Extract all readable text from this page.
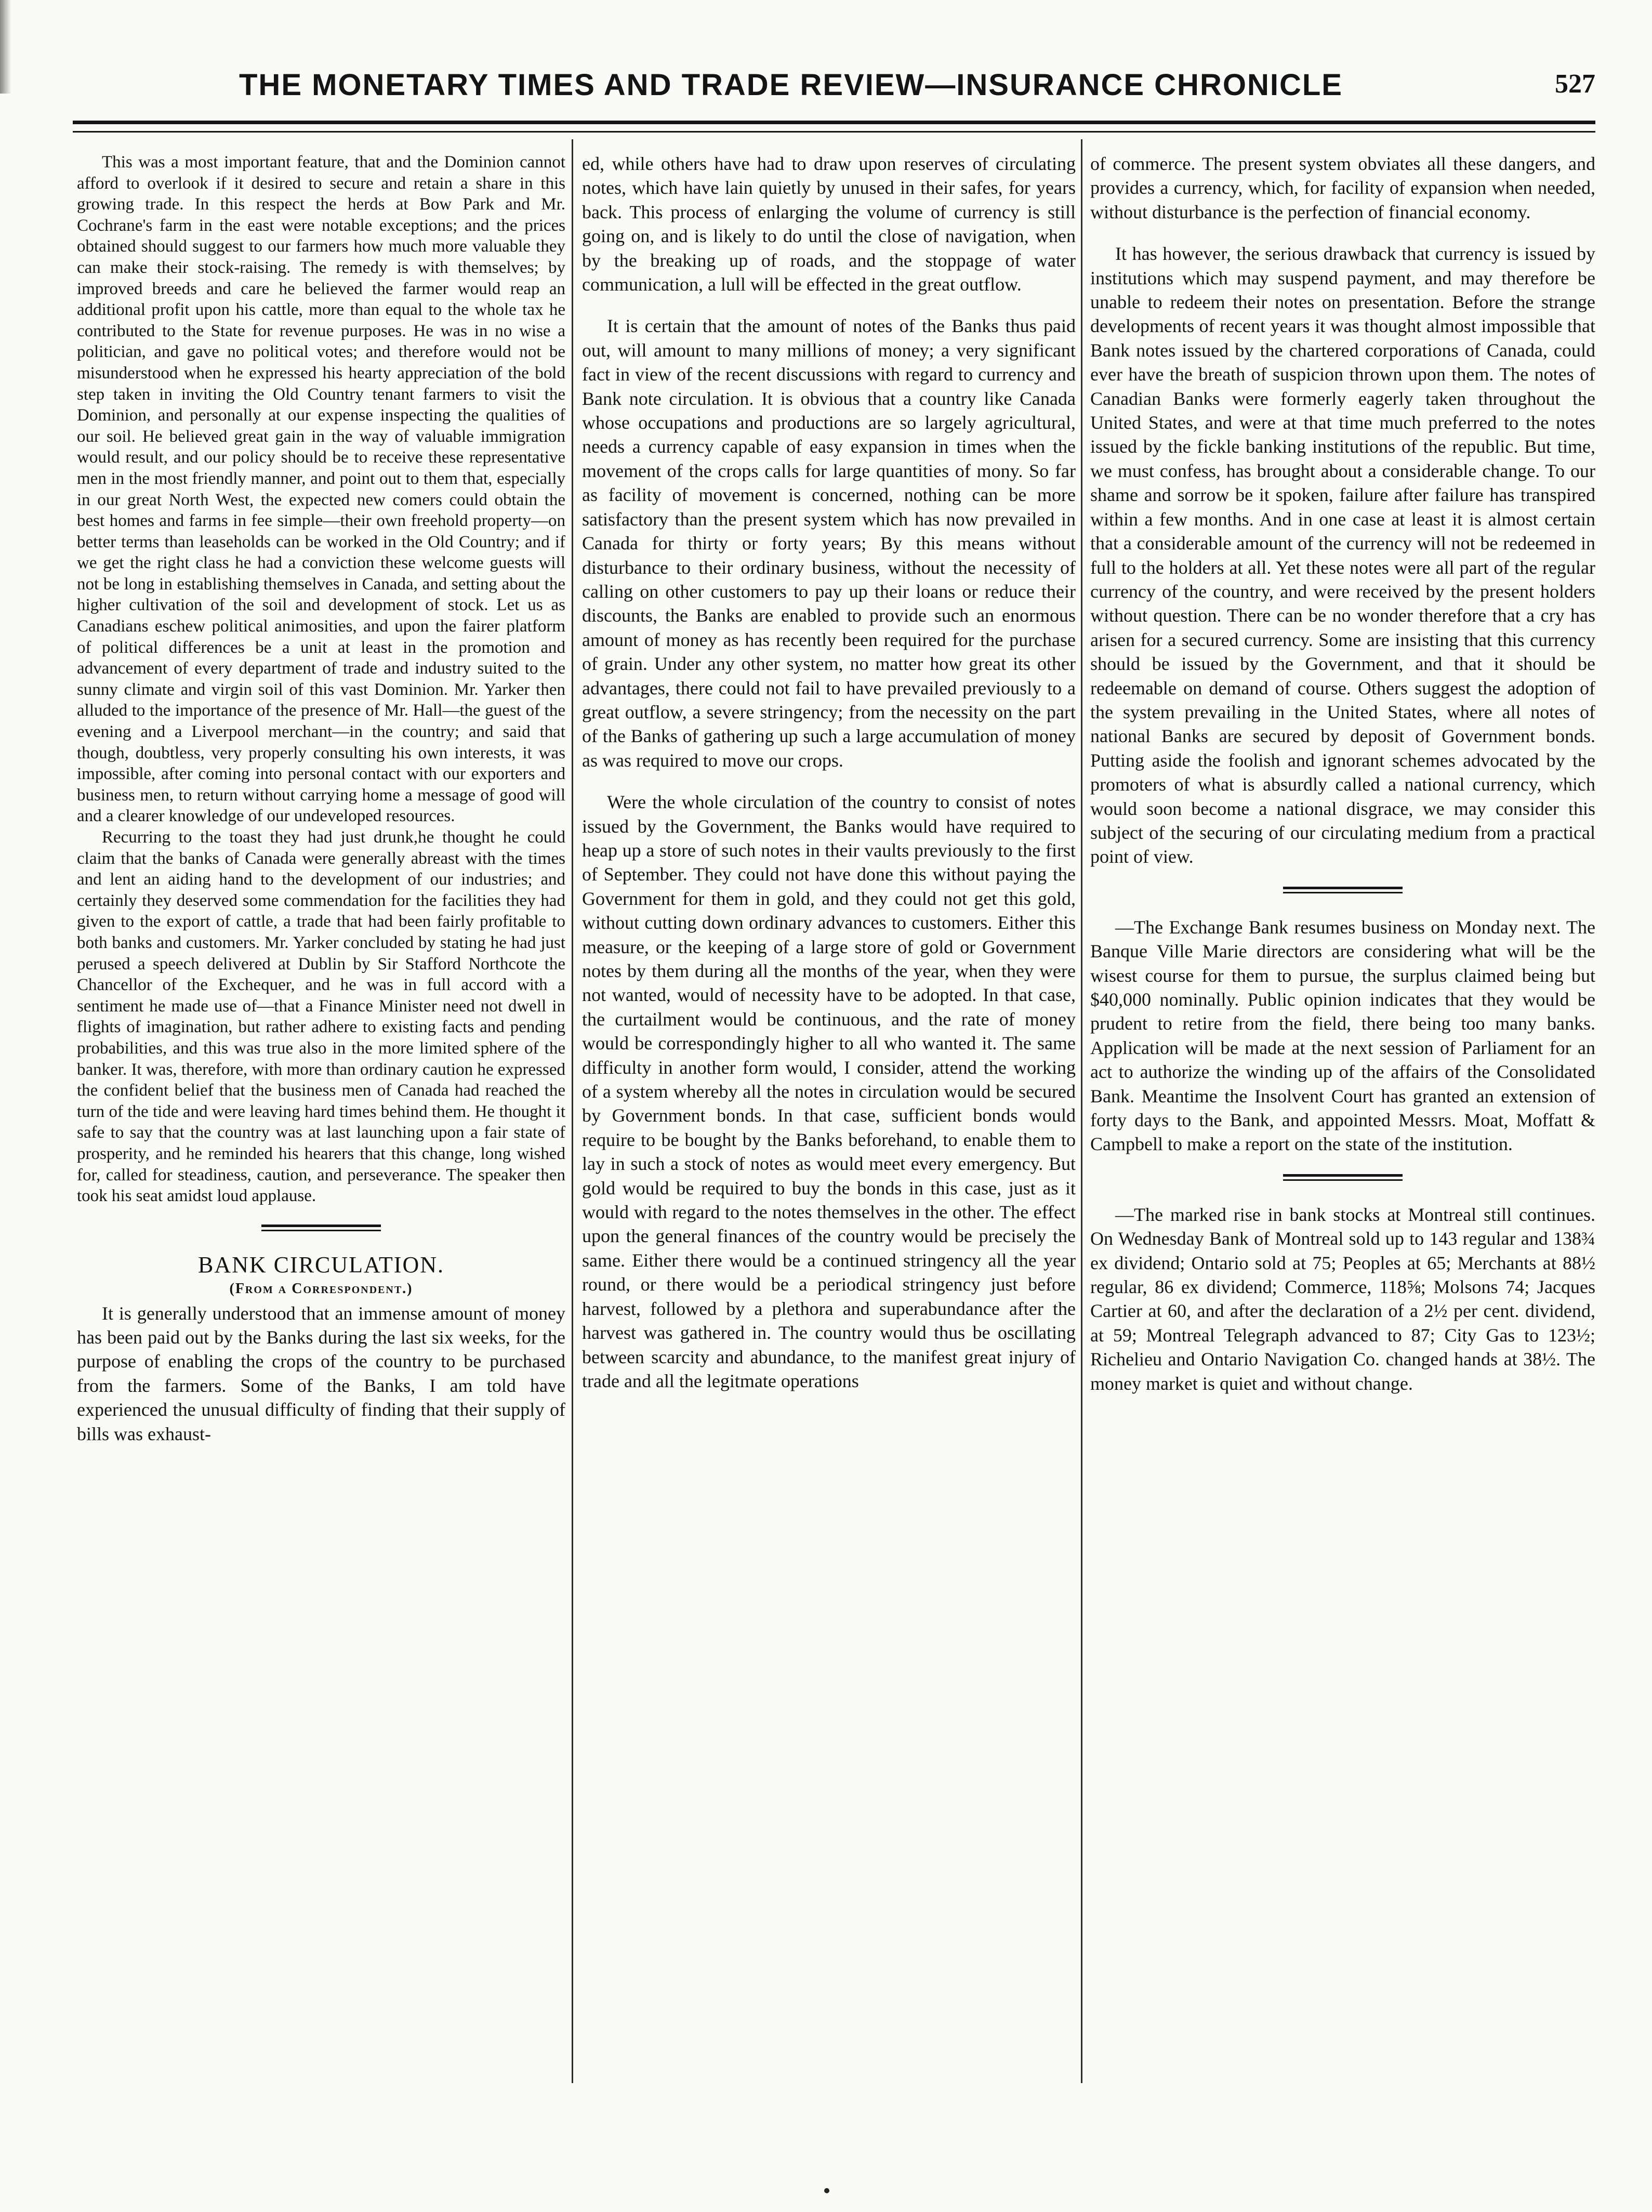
THE MONETARY TIMES AND TRADE REVIEW—INSURANCE CHRONICLE	527

This was a most important feature, that and the Dominion cannot afford to overlook if it desired to secure and retain a share in this growing trade. In this respect the herds at Bow Park and Mr. Cochrane's farm in the east were notable exceptions; and the prices obtained should suggest to our farmers how much more valuable they can make their stock-raising. The remedy is with themselves; by improved breeds and care he believed the farmer would reap an additional profit upon his cattle, more than equal to the whole tax he contributed to the State for revenue purposes. He was in no wise a politician, and gave no political votes; and therefore would not be misunderstood when he expressed his hearty appreciation of the bold step taken in inviting the Old Country tenant farmers to visit the Dominion, and personally at our expense inspecting the qualities of our soil. He believed great gain in the way of valuable immigration would result, and our policy should be to receive these representative men in the most friendly manner, and point out to them that, especially in our great North West, the expected new comers could obtain the best homes and farms in fee simple—their own freehold property—on better terms than leaseholds can be worked in the Old Country; and if we get the right class he had a conviction these welcome guests will not be long in establishing themselves in Canada, and setting about the higher cultivation of the soil and development of stock. Let us as Canadians eschew political animosities, and upon the fairer platform of political differences be a unit at least in the promotion and advancement of every department of trade and industry suited to the sunny climate and virgin soil of this vast Dominion. Mr. Yarker then alluded to the importance of the presence of Mr. Hall—the guest of the evening and a Liverpool merchant—in the country; and said that though, doubtless, very properly consulting his own interests, it was impossible, after coming into personal contact with our exporters and business men, to return without carrying home a message of good will and a clearer knowledge of our undeveloped resources.

Recurring to the toast they had just drunk,he thought he could claim that the banks of Canada were generally abreast with the times and lent an aiding hand to the development of our industries; and certainly they deserved some commendation for the facilities they had given to the export of cattle, a trade that had been fairly profitable to both banks and customers. Mr. Yarker concluded by stating he had just perused a speech delivered at Dublin by Sir Stafford Northcote the Chancellor of the Exchequer, and he was in full accord with a sentiment he made use of—that a Finance Minister need not dwell in flights of imagination, but rather adhere to existing facts and pending probabilities, and this was true also in the more limited sphere of the banker. It was, therefore, with more than ordinary caution he expressed the confident belief that the business men of Canada had reached the turn of the tide and were leaving hard times behind them. He thought it safe to say that the country was at last launching upon a fair state of prosperity, and he reminded his hearers that this change, long wished for, called for steadiness, caution, and perseverance. The speaker then took his seat amidst loud applause.

BANK CIRCULATION.

(From a Correspondent.)

It is generally understood that an immense amount of money has been paid out by the Banks during the last six weeks, for the purpose of enabling the crops of the country to be purchased from the farmers. Some of the Banks, I am told have experienced the unusual difficulty of finding that their supply of bills was exhaust-

ed, while others have had to draw upon reserves of circulating notes, which have lain quietly by unused in their safes, for years back. This process of enlarging the volume of currency is still going on, and is likely to do until the close of navigation, when by the breaking up of roads, and the stoppage of water communication, a lull will be effected in the great outflow.

It is certain that the amount of notes of the Banks thus paid out, will amount to many millions of money; a very significant fact in view of the recent discussions with regard to currency and Bank note circulation. It is obvious that a country like Canada whose occupations and productions are so largely agricultural, needs a currency capable of easy expansion in times when the movement of the crops calls for large quantities of mony. So far as facility of movement is concerned, nothing can be more satisfactory than the present system which has now prevailed in Canada for thirty or forty years; By this means without disturbance to their ordinary business, without the necessity of calling on other customers to pay up their loans or reduce their discounts, the Banks are enabled to provide such an enormous amount of money as has recently been required for the purchase of grain. Under any other system, no matter how great its other advantages, there could not fail to have prevailed previously to a great outflow, a severe stringency; from the necessity on the part of the Banks of gathering up such a large accumulation of money as was required to move our crops.

Were the whole circulation of the country to consist of notes issued by the Government, the Banks would have required to heap up a store of such notes in their vaults previously to the first of September. They could not have done this without paying the Government for them in gold, and they could not get this gold, without cutting down ordinary advances to customers. Either this measure, or the keeping of a large store of gold or Government notes by them during all the months of the year, when they were not wanted, would of necessity have to be adopted. In that case, the curtailment would be continuous, and the rate of money would be correspondingly higher to all who wanted it. The same difficulty in another form would, I consider, attend the working of a system whereby all the notes in circulation would be secured by Government bonds. In that case, sufficient bonds would require to be bought by the Banks beforehand, to enable them to lay in such a stock of notes as would meet every emergency. But gold would be required to buy the bonds in this case, just as it would with regard to the notes themselves in the other. The effect upon the general finances of the country would be precisely the same. Either there would be a continued stringency all the year round, or there would be a periodical stringency just before harvest, followed by a plethora and superabundance after the harvest was gathered in. The country would thus be oscillating between scarcity and abundance, to the manifest great injury of trade and all the legitmate operations

of commerce. The present system obviates all these dangers, and provides a currency, which, for facility of expansion when needed, without disturbance is the perfection of financial economy.

It has however, the serious drawback that currency is issued by institutions which may suspend payment, and may therefore be unable to redeem their notes on presentation. Before the strange developments of recent years it was thought almost impossible that Bank notes issued by the chartered corporations of Canada, could ever have the breath of suspicion thrown upon them. The notes of Canadian Banks were formerly eagerly taken throughout the United States, and were at that time much preferred to the notes issued by the fickle banking institutions of the republic. But time, we must confess, has brought about a considerable change. To our shame and sorrow be it spoken, failure after failure has transpired within a few months. And in one case at least it is almost certain that a considerable amount of the currency will not be redeemed in full to the holders at all. Yet these notes were all part of the regular currency of the country, and were received by the present holders without question. There can be no wonder therefore that a cry has arisen for a secured currency. Some are insisting that this currency should be issued by the Government, and that it should be redeemable on demand of course. Others suggest the adoption of the system prevailing in the United States, where all notes of national Banks are secured by deposit of Government bonds. Putting aside the foolish and ignorant schemes advocated by the promoters of what is absurdly called a national currency, which would soon become a national disgrace, we may consider this subject of the securing of our circulating medium from a practical point of view.

—The Exchange Bank resumes business on Monday next. The Banque Ville Marie directors are considering what will be the wisest course for them to pursue, the surplus claimed being but $40,000 nominally. Public opinion indicates that they would be prudent to retire from the field, there being too many banks. Application will be made at the next session of Parliament for an act to authorize the winding up of the affairs of the Consolidated Bank. Meantime the Insolvent Court has granted an extension of forty days to the Bank, and appointed Messrs. Moat, Moffatt & Campbell to make a report on the state of the institution.

—The marked rise in bank stocks at Montreal still continues. On Wednesday Bank of Montreal sold up to 143 regular and 138¾ ex dividend; Ontario sold at 75; Peoples at 65; Merchants at 88½ regular, 86 ex dividend; Commerce, 118⅝; Molsons 74; Jacques Cartier at 60, and after the declaration of a 2½ per cent. dividend, at 59; Montreal Telegraph advanced to 87; City Gas to 123½; Richelieu and Ontario Navigation Co. changed hands at 38½. The money market is quiet and without change.
